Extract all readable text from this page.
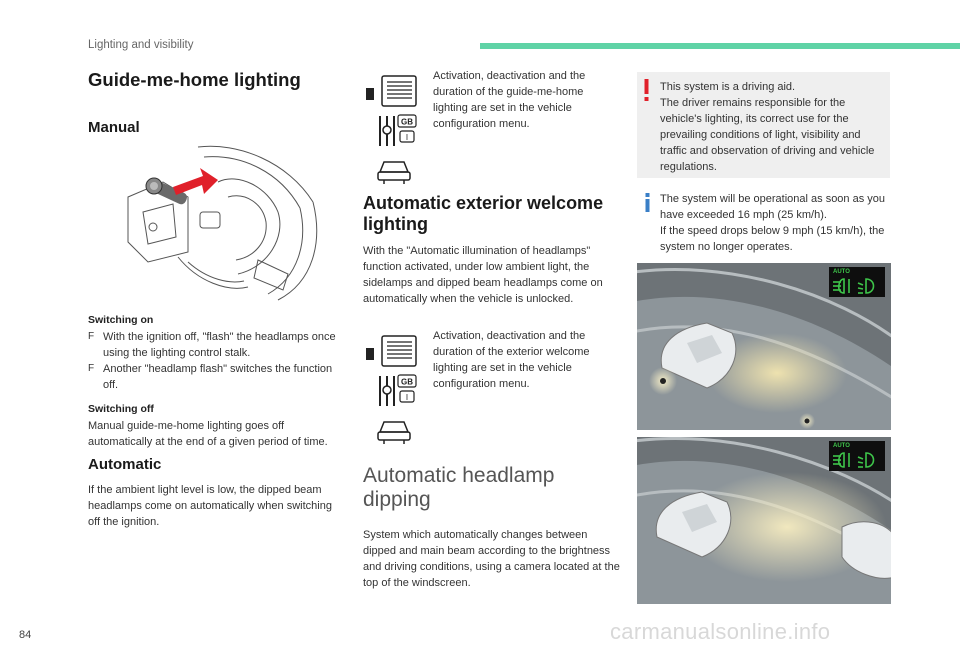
Lighting and visibility
Guide-me-home lighting
Manual
Switching on
F With the ignition off, "flash" the headlamps once using the lighting control stalk.
F Another "headlamp flash" switches the function off.
Switching off
Manual guide-me-home lighting goes off automatically at the end of a given period of time.
Automatic
If the ambient light level is low, the dipped beam headlamps come on automatically when switching off the ignition.
GB
I
Activation, deactivation and the duration of the guide-me-home lighting are set in the vehicle configuration menu.
Automatic exterior welcome lighting
With the "Automatic illumination of headlamps" function activated, under low ambient light, the sidelamps and dipped beam headlamps come on automatically when the vehicle is unlocked.
GB
I
Activation, deactivation and the duration of the exterior welcome lighting are set in the vehicle configuration menu.
Automatic headlamp dipping
System which automatically changes between dipped and main beam according to the brightness and driving conditions, using a camera located at the top of the windscreen.
This system is a driving aid.
The driver remains responsible for the vehicle's lighting, its correct use for the prevailing conditions of light, visibility and traffic and observation of driving and vehicle regulations.
The system will be operational as soon as you have exceeded 16 mph (25 km/h).
If the speed drops below 9 mph (15 km/h), the system no longer operates.
AUTO
AUTO
84	carmanualsonline.info
